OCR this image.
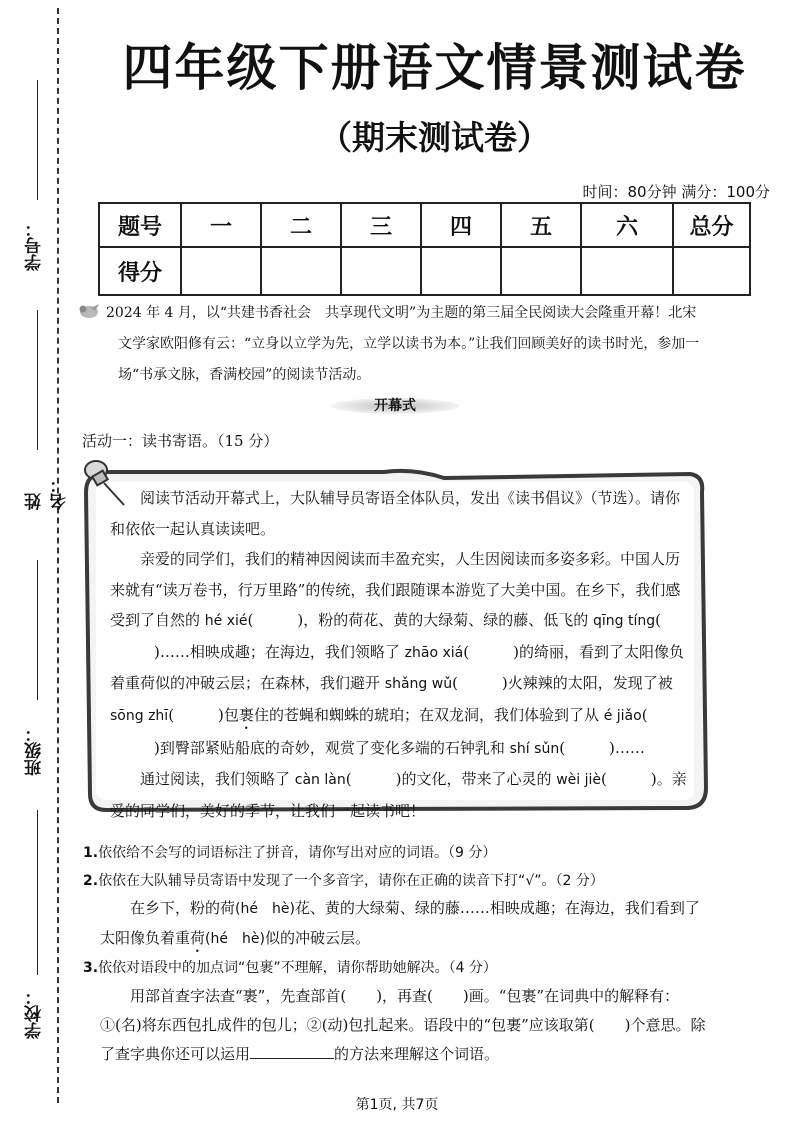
学号：
姓名：
班级：
学校：
四年级下册语文情景测试卷
（期末测试卷）
时间：80分钟 满分：100分
题号	一	二	三	四	五	六	总分
得分							

2024 年 4 月，以“共建书香社会　共享现代文明”为主题的第三届全民阅读大会隆重开幕！北宋

文学家欧阳修有云：“立身以立学为先，立学以读书为本。”让我们回顾美好的读书时光，参加一

场“书承文脉，香满校园”的阅读节活动。

开幕式
活动一：读书寄语。（15 分）

阅读节活动开幕式上，大队辅导员寄语全体队员，发出《读书倡议》（节选）。请你和依依一起认真读读吧。

亲爱的同学们，我们的精神因阅读而丰盈充实，人生因阅读而多姿多彩。中国人历来就有“读万卷书，行万里路”的传统，我们跟随课本游览了大美中国。在乡下，我们感受到了自然的 hé xié(	)，粉的荷花、黄的大绿菊、绿的藤、低飞的 qīng tíng()……相映成趣；在海边，我们领略了 zhāo xiá(	)的绮丽，看到了太阳像负着重荷似的冲破云层；在森林，我们避开 shǎng wǔ(	)火辣辣的太阳，发现了被 sōng zhī(	)包裹住的苍蝇和蜘蛛的琥珀；在双龙洞，我们体验到了从 é jiǎo()到臀部紧贴船底的奇妙，观赏了变化多端的石钟乳和 shí sǔn(	)……

通过阅读，我们领略了 càn làn(	)的文化，带来了心灵的 wèi jiè(	)。亲爱的同学们，美好的季节，让我们一起读书吧！

1.依依给不会写的词语标注了拼音，请你写出对应的词语。（9 分）
2.依依在大队辅导员寄语中发现了一个多音字，请你在正确的读音下打“√”。（2 分）

在乡下，粉的荷(hé　hè)花、黄的大绿菊、绿的藤……相映成趣；在海边，我们看到了太阳像负着重荷(hé　hè)似的冲破云层。

3.依依对语段中的加点词“包裹”不理解，请你帮助她解决。（4 分）

用部首查字法查“裹”，先查部首(　　)，再查(　　)画。“包裹”在词典中的解释有：①(名)将东西包扎成件的包儿；②(动)包扎起来。语段中的“包裹”应该取第(　　)个意思。除了查字典你还可以运用	的方法来理解这个词语。

第1页, 共7页
